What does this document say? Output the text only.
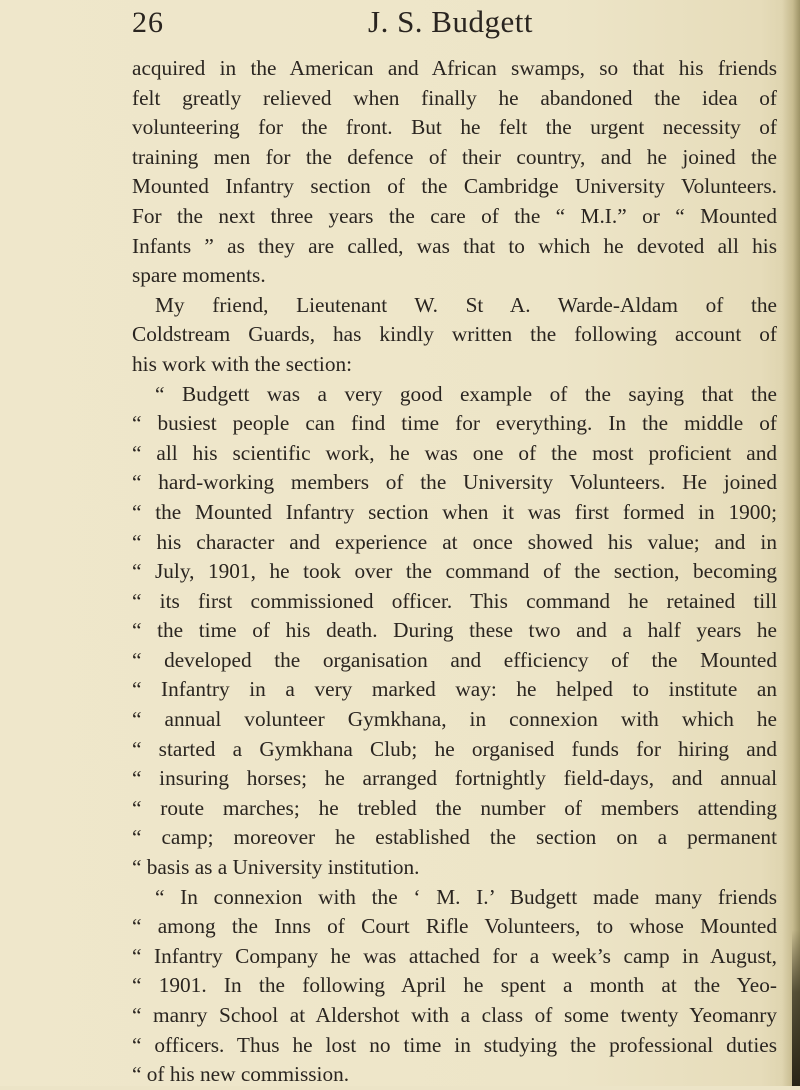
26	J. S. Budgett
acquired in the American and African swamps, so that his friends
felt greatly relieved when finally he abandoned the idea of
volunteering for the front. But he felt the urgent necessity of
training men for the defence of their country, and he joined the
Mounted Infantry section of the Cambridge University Volunteers.
For the next three years the care of the “ M.I.” or “ Mounted
Infants ” as they are called, was that to which he devoted all his
spare moments.
My friend, Lieutenant W. St A. Warde-Aldam of the
Coldstream Guards, has kindly written the following account of
his work with the section:
“ Budgett was a very good example of the saying that the
“ busiest people can find time for everything. In the middle of
“ all his scientific work, he was one of the most proficient and
“ hard-working members of the University Volunteers. He joined
“ the Mounted Infantry section when it was first formed in 1900;
“ his character and experience at once showed his value; and in
“ July, 1901, he took over the command of the section, becoming
“ its first commissioned officer. This command he retained till
“ the time of his death. During these two and a half years he
“ developed the organisation and efficiency of the Mounted
“ Infantry in a very marked way: he helped to institute an
“ annual volunteer Gymkhana, in connexion with which he
“ started a Gymkhana Club; he organised funds for hiring and
“ insuring horses; he arranged fortnightly field-days, and annual
“ route marches; he trebled the number of members attending
“ camp; moreover he established the section on a permanent
“ basis as a University institution.
“ In connexion with the ‘ M. I.’ Budgett made many friends
“ among the Inns of Court Rifle Volunteers, to whose Mounted
“ Infantry Company he was attached for a week’s camp in August,
“ 1901. In the following April he spent a month at the Yeo-
“ manry School at Aldershot with a class of some twenty Yeomanry
“ officers. Thus he lost no time in studying the professional duties
“ of his new commission.
